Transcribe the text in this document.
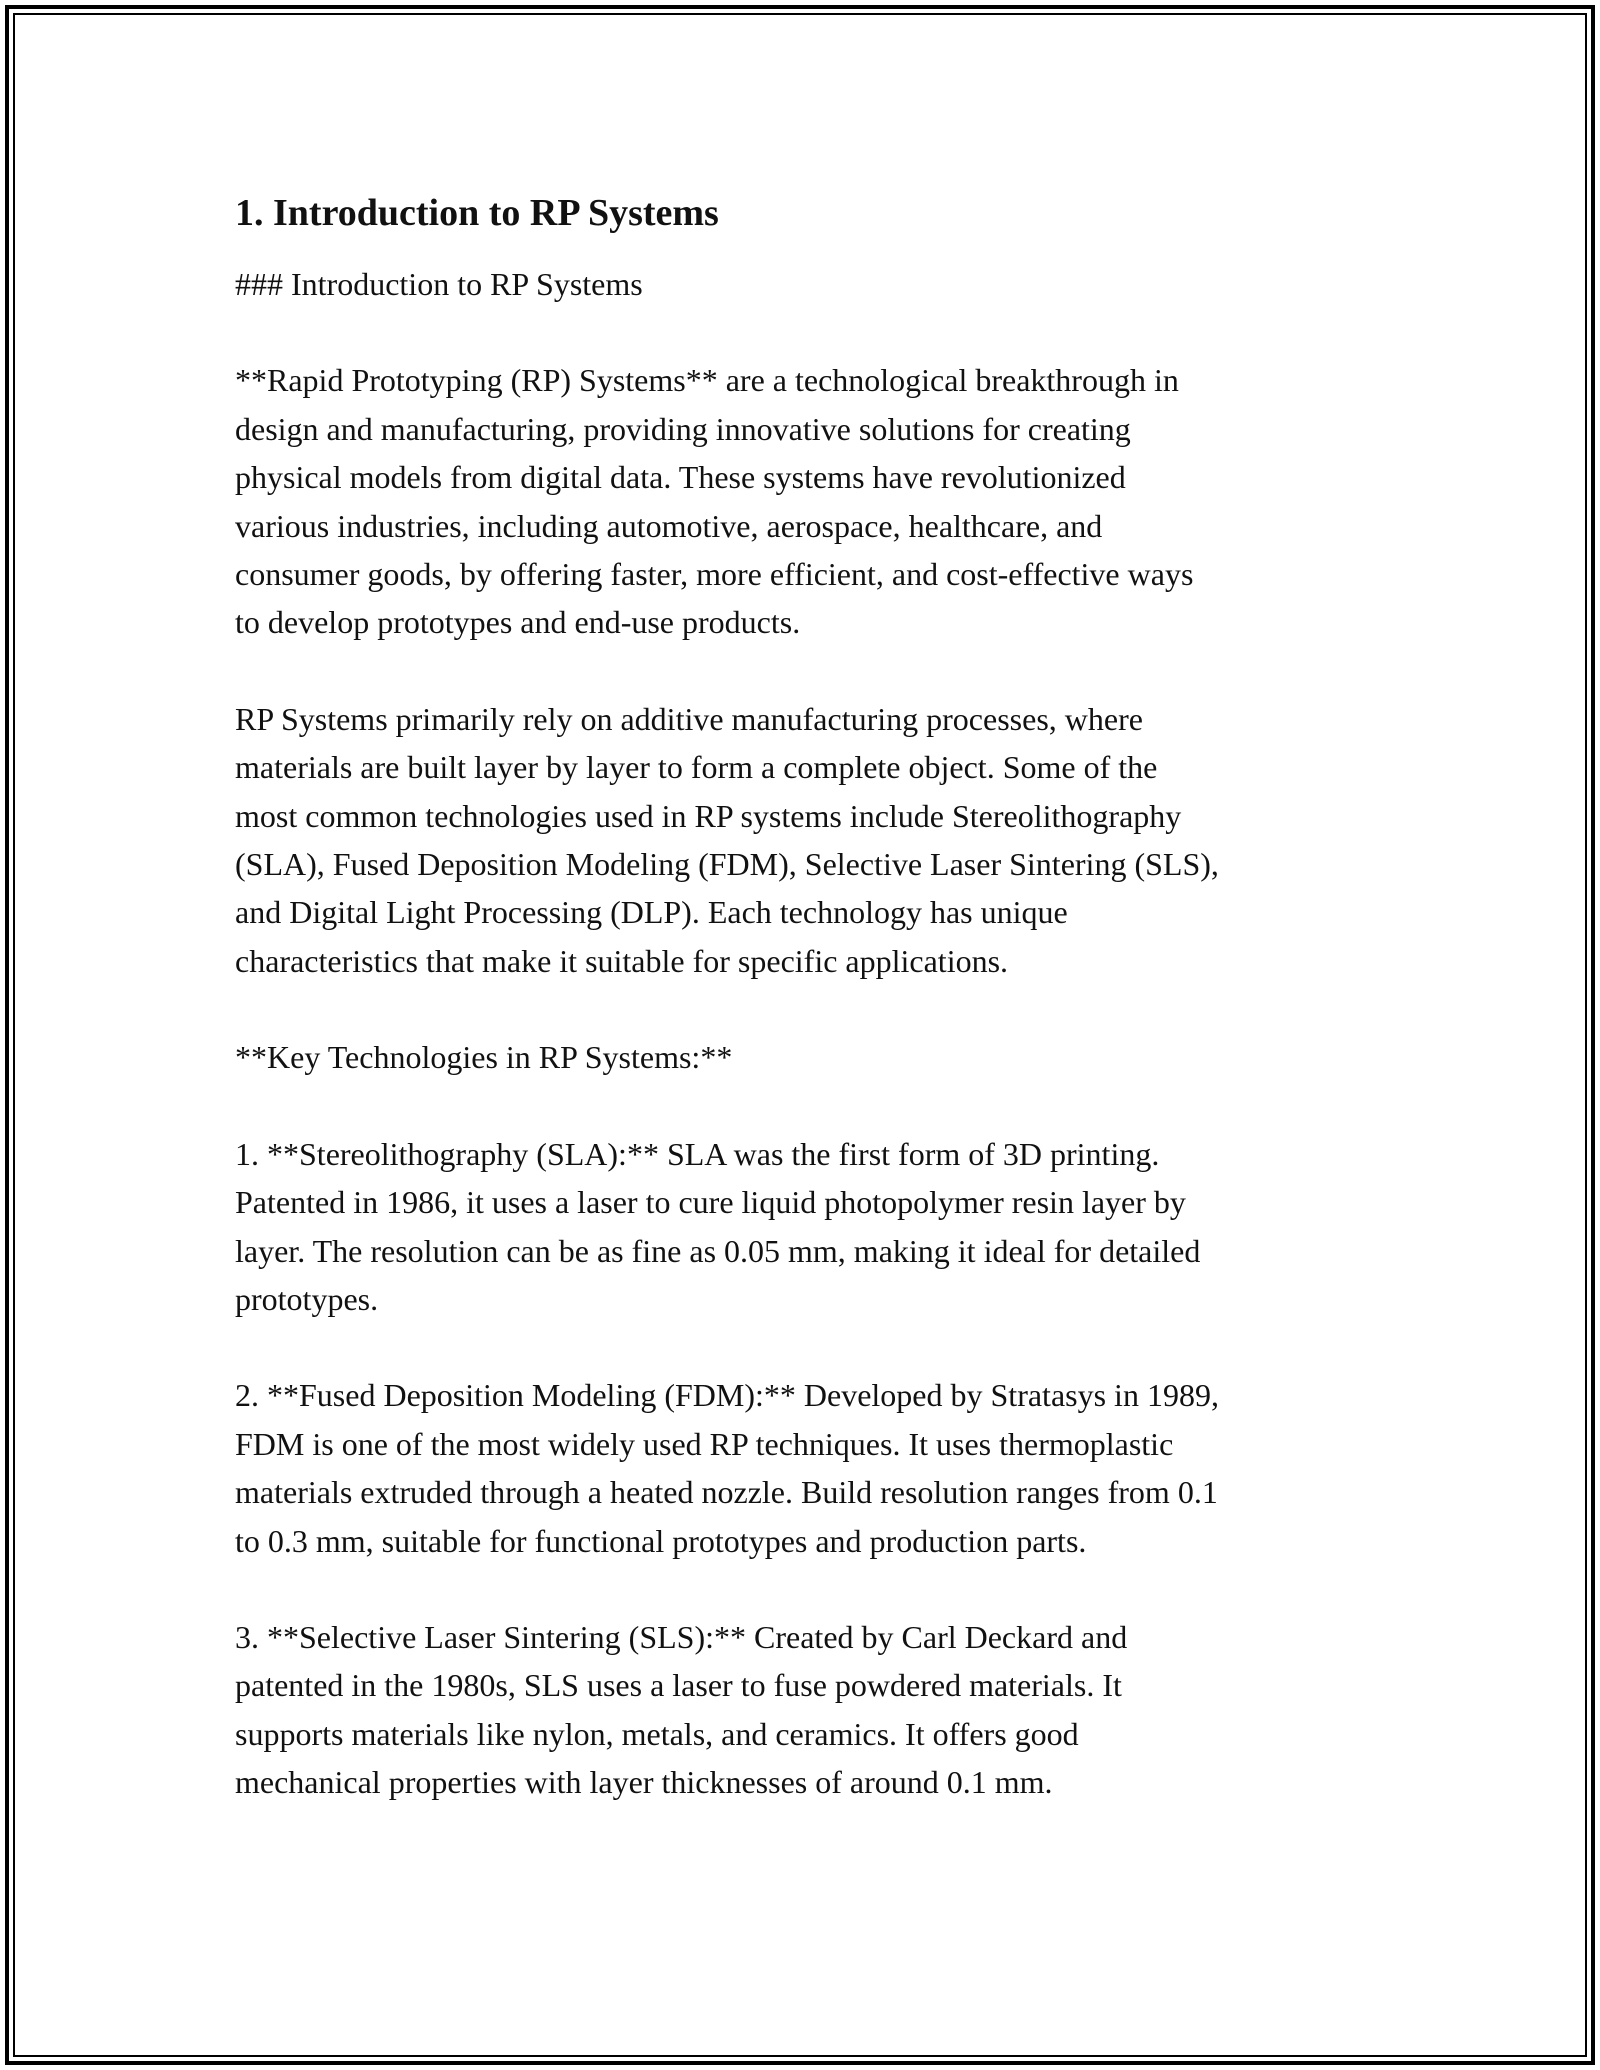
1. Introduction to RP Systems

### Introduction to RP Systems

**Rapid Prototyping (RP) Systems** are a technological breakthrough in
design and manufacturing, providing innovative solutions for creating
physical models from digital data. These systems have revolutionized
various industries, including automotive, aerospace, healthcare, and
consumer goods, by offering faster, more efficient, and cost-effective ways
to develop prototypes and end-use products.

RP Systems primarily rely on additive manufacturing processes, where
materials are built layer by layer to form a complete object. Some of the
most common technologies used in RP systems include Stereolithography
(SLA), Fused Deposition Modeling (FDM), Selective Laser Sintering (SLS),
and Digital Light Processing (DLP). Each technology has unique
characteristics that make it suitable for specific applications.

**Key Technologies in RP Systems:**

1. **Stereolithography (SLA):** SLA was the first form of 3D printing.
Patented in 1986, it uses a laser to cure liquid photopolymer resin layer by
layer. The resolution can be as fine as 0.05 mm, making it ideal for detailed
prototypes.

2. **Fused Deposition Modeling (FDM):** Developed by Stratasys in 1989,
FDM is one of the most widely used RP techniques. It uses thermoplastic
materials extruded through a heated nozzle. Build resolution ranges from 0.1
to 0.3 mm, suitable for functional prototypes and production parts.

3. **Selective Laser Sintering (SLS):** Created by Carl Deckard and
patented in the 1980s, SLS uses a laser to fuse powdered materials. It
supports materials like nylon, metals, and ceramics. It offers good
mechanical properties with layer thicknesses of around 0.1 mm.
